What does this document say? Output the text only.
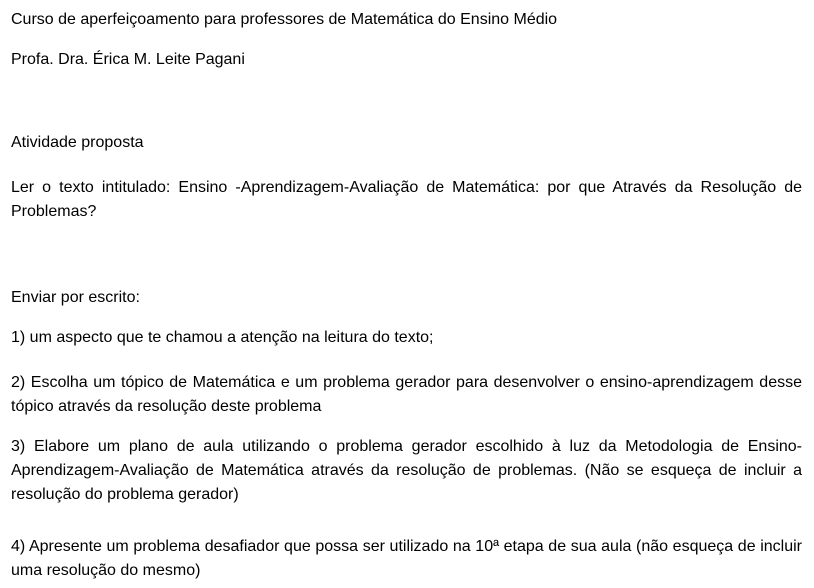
Curso de aperfeiçoamento para professores de Matemática do Ensino Médio

Profa. Dra. Érica M. Leite Pagani

Atividade proposta

Ler o texto intitulado: Ensino -Aprendizagem-Avaliação de Matemática: por que Através da Resolução de Problemas?

Enviar por escrito:

1) um aspecto que te chamou a atenção na leitura do texto;

2) Escolha um tópico de Matemática e um problema gerador para desenvolver o ensino-aprendizagem desse tópico através da resolução deste problema

3) Elabore um plano de aula utilizando o problema gerador escolhido à luz da Metodologia de Ensino-Aprendizagem-Avaliação de Matemática através da resolução de problemas. (Não se esqueça de incluir a resolução do problema gerador)

4) Apresente um problema desafiador que possa ser utilizado na 10ª etapa de sua aula (não esqueça de incluir uma resolução do mesmo)
